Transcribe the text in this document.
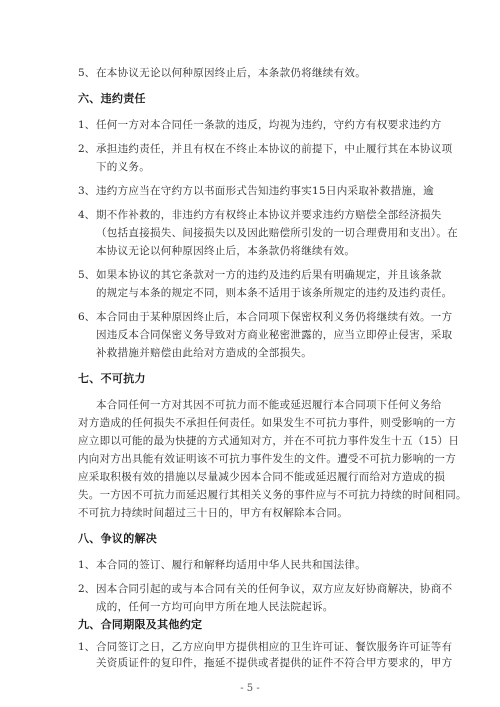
5、 在本协议无论以何种原因终止后，本条款仍将继续有效。
六、违约责任
1、 任何一方对本合同任一条款的违反，均视为违约，守约方有权要求违约方
2、 承担违约责任，并且有权在不终止本协议的前提下，中止履行其在本协议项
下的义务。
3、 违约方应当在守约方以书面形式告知违约事实15日内采取补救措施，逾
4、 期不作补救的，非违约方有权终止本协议并要求违约方赔偿全部经济损失
（包括直接损失、间接损失以及因此赔偿所引发的一切合理费用和支出）。在
本协议无论以何种原因终止后，本条款仍将继续有效。
5、 如果本协议的其它条款对一方的违约及违约后果有明确规定，并且该条款
的规定与本条的规定不同，则本条不适用于该条所规定的违约及违约责任。
6、 本合同由于某种原因终止后，本合同项下保密权利义务仍将继续有效。一方
因违反本合同保密义务导致对方商业秘密泄露的，应当立即停止侵害，采取
补救措施并赔偿由此给对方造成的全部损失。
七、不可抗力
本合同任何一方对其因不可抗力而不能或延迟履行本合同项下任何义务给
对方造成的任何损失不承担任何责任。如果发生不可抗力事件，则受影响的一方
应立即以可能的最为快捷的方式通知对方，并在不可抗力事件发生十五（15）日
内向对方出具能有效证明该不可抗力事件发生的文件。遭受不可抗力影响的一方
应采取积极有效的措施以尽量减少因本合同不能或延迟履行而给对方造成的损
失。一方因不可抗力而延迟履行其相关义务的事件应与不可抗力持续的时间相同。
不可抗力持续时间超过三十日的，甲方有权解除本合同。
八、争议的解决
1、 本合同的签订、履行和解释均适用中华人民共和国法律。
2、 因本合同引起的或与本合同有关的任何争议，双方应友好协商解决，协商不
成的，任何一方均可向甲方所在地人民法院起诉。
九、合同期限及其他约定
- 5 -
1、 合同签订之日，乙方应向甲方提供相应的卫生许可证、餐饮服务许可证等有
关资质证件的复印件，拖延不提供或者提供的证件不符合甲方要求的，甲方
